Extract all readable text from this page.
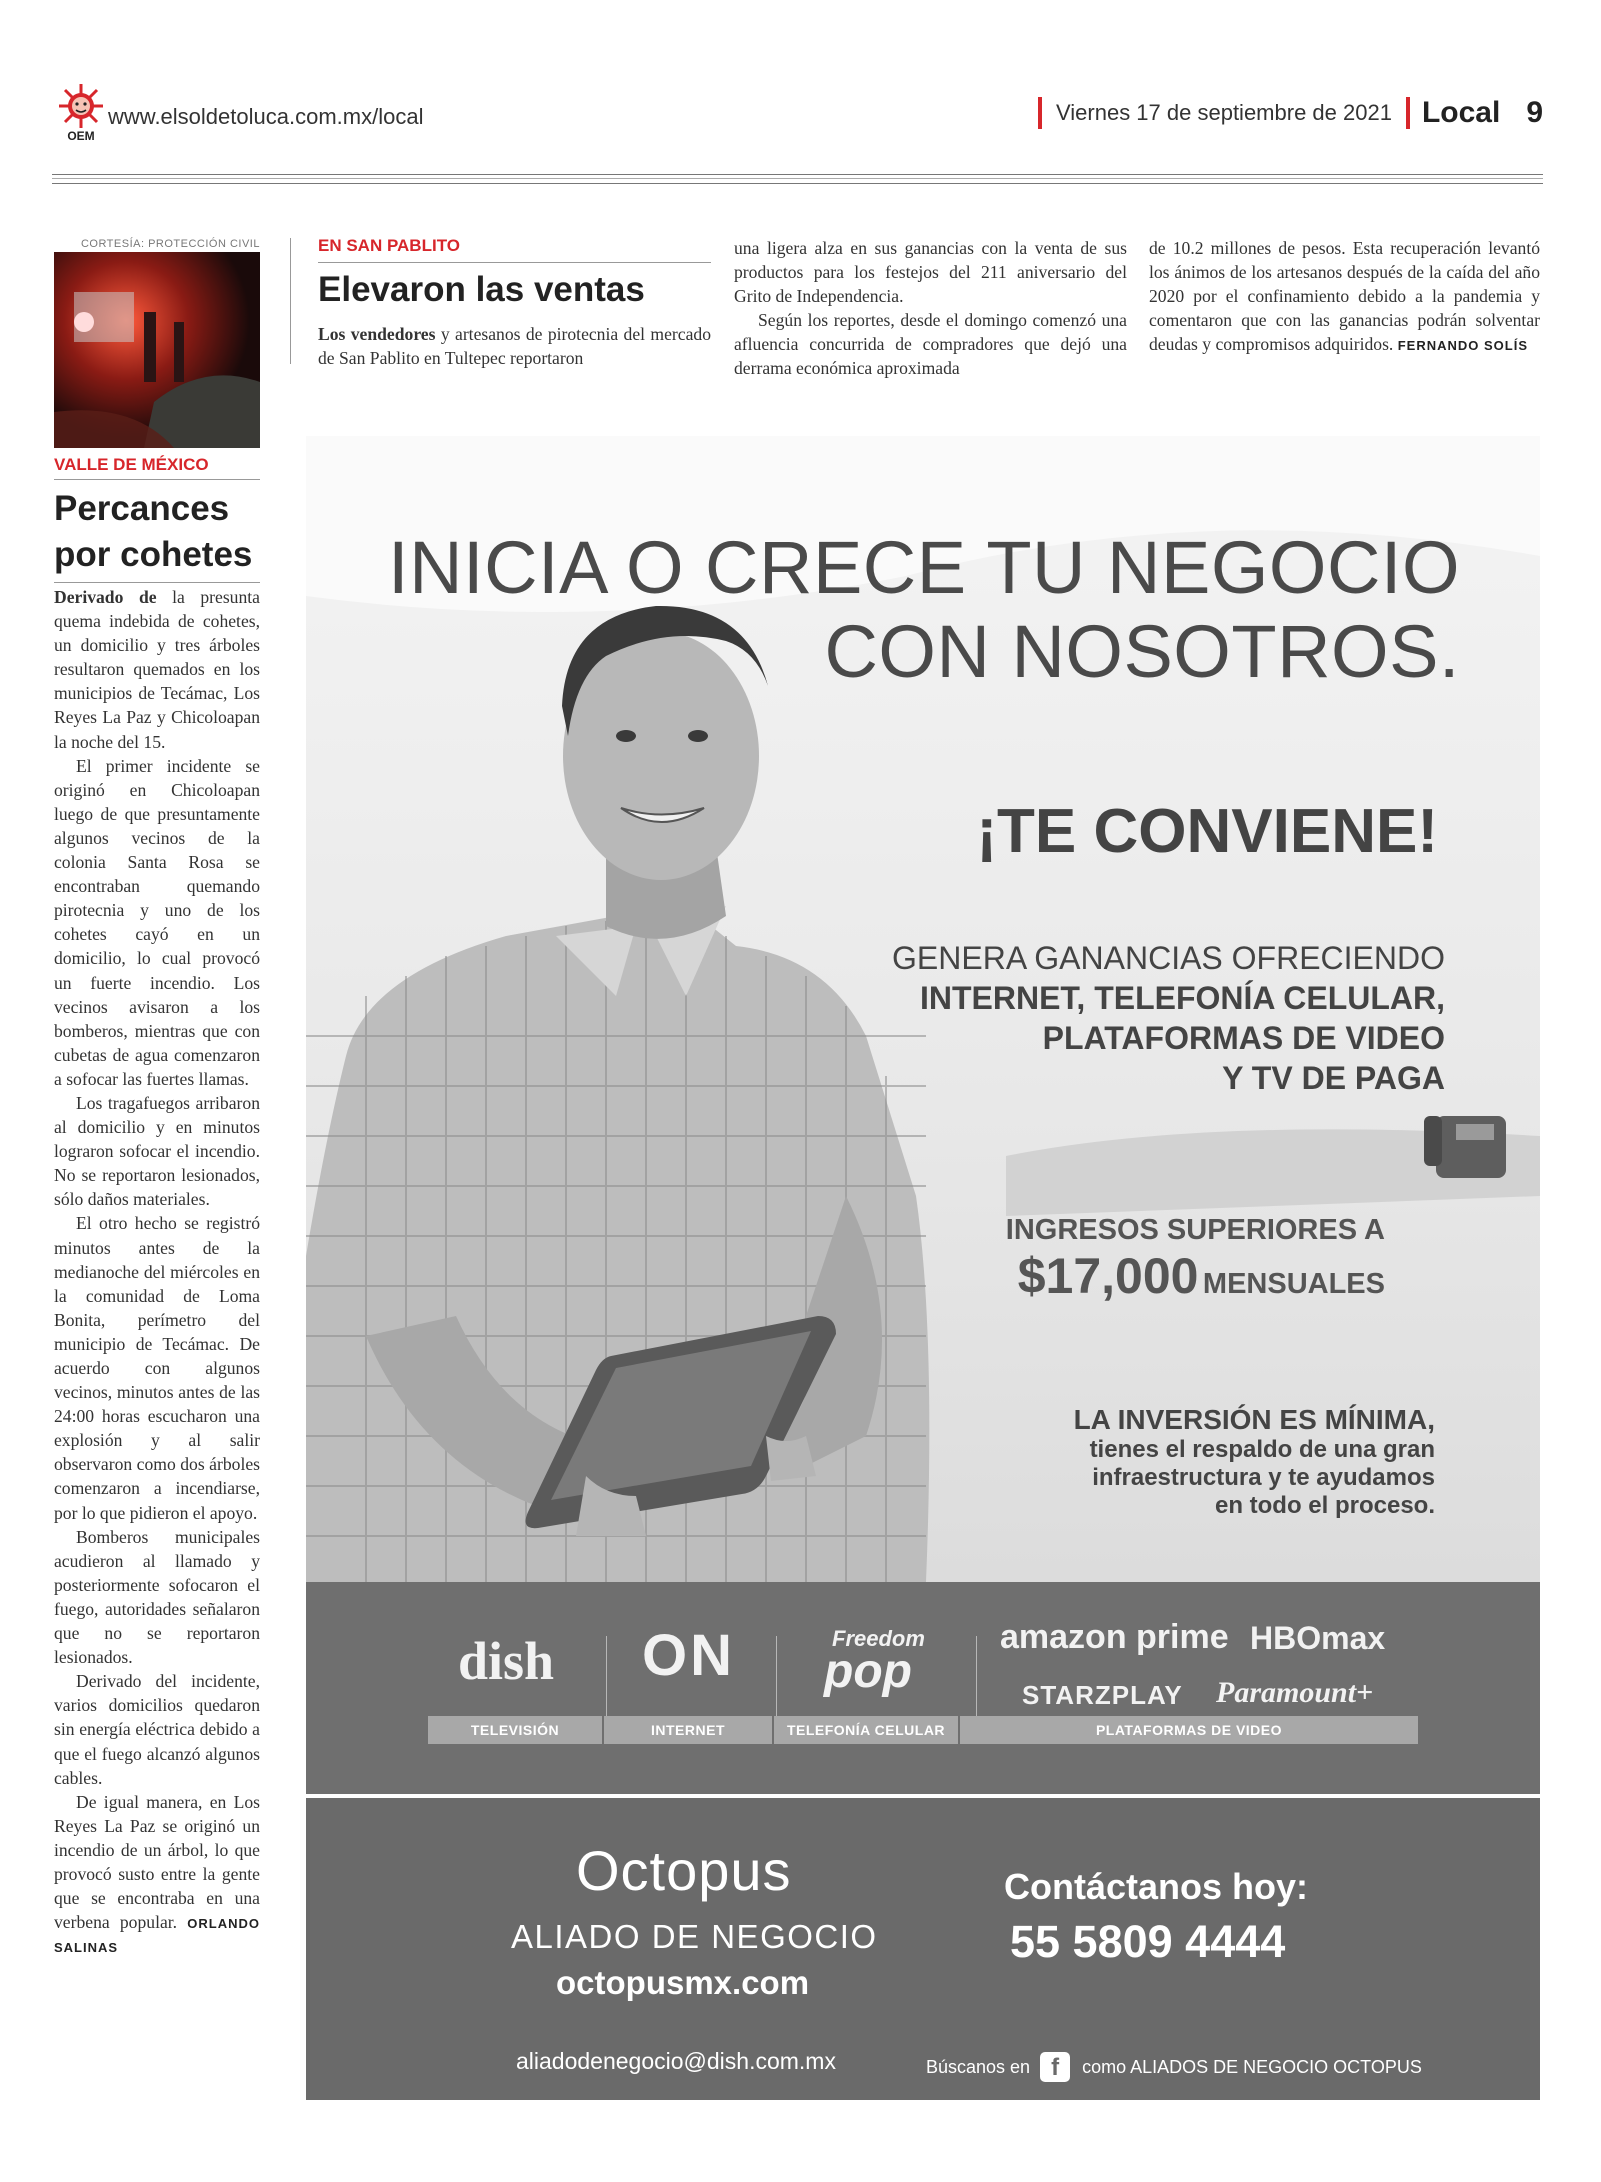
OEM
www.elsoldetoluca.com.mx/local	Viernes 17 de septiembre de 2021 Local 9
CORTESÍA: PROTECCIÓN CIVIL
VALLE DE MÉXICO
Percances
por cohetes

Derivado de la presunta quema indebida de cohetes, un domicilio y tres árboles resultaron quemados en los municipios de Tecámac, Los Reyes La Paz y Chicoloapan la noche del 15.

El primer incidente se originó en Chicoloapan luego de que presuntamente algunos vecinos de la colonia Santa Rosa se encontraban quemando pirotecnia y uno de los cohetes cayó en un domicilio, lo cual provocó un fuerte incendio. Los vecinos avisaron a los bomberos, mientras que con cubetas de agua comenzaron a sofocar las fuertes llamas.

Los tragafuegos arribaron al domicilio y en minutos lograron sofocar el incendio. No se reportaron lesionados, sólo daños materiales.

El otro hecho se registró minutos antes de la medianoche del miércoles en la comunidad de Loma Bonita, perímetro del municipio de Tecámac. De acuerdo con algunos vecinos, minutos antes de las 24:00 horas escucharon una explosión y al salir observaron como dos árboles comenzaron a incendiarse, por lo que pidieron el apoyo.

Bomberos municipales acudieron al llamado y posteriormente sofocaron el fuego, autoridades señalaron que no se reportaron lesionados.

Derivado del incidente, varios domicilios quedaron sin energía eléctrica debido a que el fuego alcanzó algunos cables.

De igual manera, en Los Reyes La Paz se originó un incendio de un árbol, lo que provocó susto entre la gente que se encontraba en una verbena popular. ORLANDO SALINAS

EN SAN PABLITO
Elevaron las ventas

Los vendedores y artesanos de pirotecnia del mercado de San Pablito en Tultepec reportaron

una ligera alza en sus ganancias con la venta de sus productos para los festejos del 211 aniversario del Grito de Independencia.

Según los reportes, desde el domingo comenzó una afluencia concurrida de compradores que dejó una derrama económica aproximada

de 10.2 millones de pesos. Esta recuperación levantó los ánimos de los artesanos después de la caída del año 2020 por el confinamiento debido a la pandemia y comentaron que con las ganancias podrán solventar deudas y compromisos adquiridos. FERNANDO SOLÍS

INICIA O CRECE TU NEGOCIO
CON NOSOTROS.
¡TE CONVIENE!
GENERA GANANCIAS OFRECIENDO
INTERNET, TELEFONÍA CELULAR,
PLATAFORMAS DE VIDEO
Y TV DE PAGA
INGRESOS SUPERIORES A
$17,000 MENSUALES
LA INVERSIÓN ES MÍNIMA,
tienes el respaldo de una gran
infraestructura y te ayudamos
en todo el proceso.
dish ON	Freedom
pop
amazon prime HBOmax
STARZPLAY Paramount+
TELEVISIÓN	INTERNET	TELEFONÍA CELULAR	PLATAFORMAS DE VIDEO
Octopus
ALIADO DE NEGOCIO
octopusmx.com
Contáctanos hoy:
55 5809 4444
aliadodenegocio@dish.com.mx	Búscanos en f	como ALIADOS DE NEGOCIO OCTOPUS
